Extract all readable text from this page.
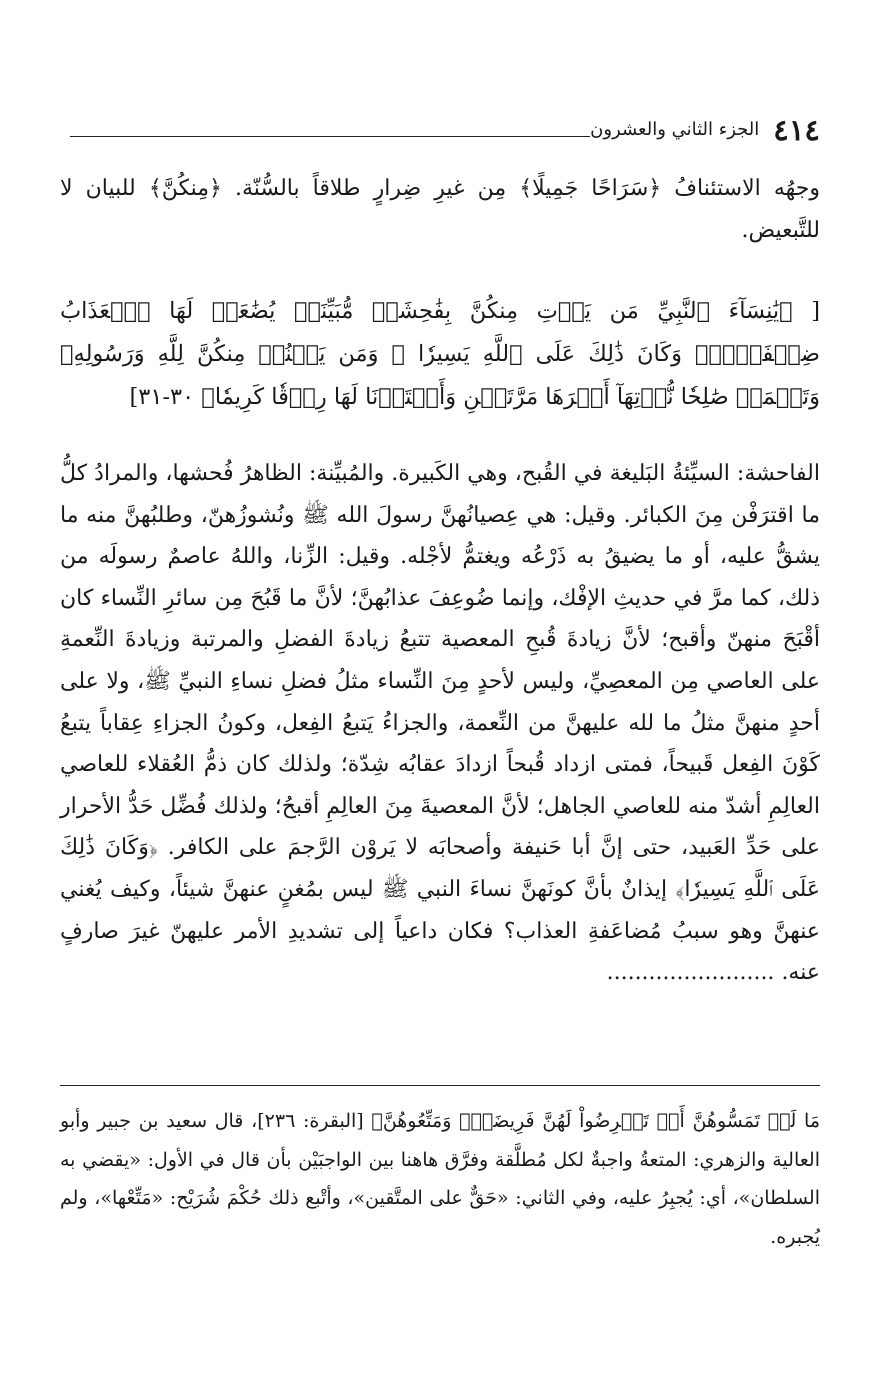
٤١٤
الجزء الثاني والعشرون
وجهُه الاستئنافُ ﴿سَرَاحًا جَمِيلًا﴾ مِن غيرِ ضِرارٍ طلاقاً بالسُّنّة. ﴿مِنكُنَّ﴾ للبيان لا للتَّبعيض.
[ ﴿يَٰنِسَآءَ ٱلنَّبِيِّ مَن يَأۡتِ مِنكُنَّ بِفَٰحِشَةٖ مُّبَيِّنَةٖ يُضَٰعَفۡ لَهَا ٱلۡعَذَابُ ضِعۡفَيۡنِۚ وَكَانَ ذَٰلِكَ عَلَى ٱللَّهِ يَسِيرٗا ۞ وَمَن يَقۡنُتۡ مِنكُنَّ لِلَّهِ وَرَسُولِهِۦ وَتَعۡمَلۡ صَٰلِحٗا نُّؤۡتِهَآ أَجۡرَهَا مَرَّتَيۡنِ وَأَعۡتَدۡنَا لَهَا رِزۡقٗا كَرِيمٗا﴾ ٣٠-٣١]
الفاحشة: السيِّئةُ البَليغة في القُبح، وهي الكَبيرة. والمُبيِّنة: الظاهرُ فُحشها، والمرادُ كلُّ ما اقترَفْن مِنَ الكبائر. وقيل: هي عِصيانُهنَّ رسولَ الله ﷺ ونُشوزُهنّ، وطلبُهنَّ منه ما يشقُّ عليه، أو ما يضيقُ به ذَرْعُه ويغتمُّ لأجْله. وقيل: الزِّنا، واللهُ عاصمٌ رسولَه من ذلك، كما مرَّ في حديثِ الإفْك، وإنما ضُوعِفَ عذابُهنَّ؛ لأنَّ ما قَبُحَ مِن سائرِ النِّساء كان أقْبَحَ منهنّ وأقبح؛ لأنَّ زيادةَ قُبحِ المعصية تتبعُ زيادةَ الفضلِ والمرتبة وزيادةَ النِّعمةِ على العاصي مِن المعصِيِّ، وليس لأحدٍ مِنَ النِّساء مثلُ فضلِ نساءِ النبيِّ ﷺ، ولا على أحدٍ منهنَّ مثلُ ما لله عليهنَّ من النِّعمة، والجزاءُ يَتبعُ الفِعل، وكونُ الجزاءِ عِقاباً يتبعُ كَوْنَ الفِعل قَبيحاً، فمتى ازداد قُبحاً ازدادَ عقابُه شِدّة؛ ولذلك كان ذمُّ العُقلاء للعاصي العالِمِ أشدّ منه للعاصي الجاهل؛ لأنَّ المعصيةَ مِنَ العالِمِ أقبحُ؛ ولذلك فُضِّل حَدُّ الأحرار على حَدِّ العَبيد، حتى إنَّ أبا حَنيفة وأصحابَه لا يَروْن الرَّجمَ على الكافر. ﴿وَكَانَ ذَٰلِكَ عَلَى ٱللَّهِ يَسِيرٗا﴾ إيذانٌ بأنَّ كونَهنَّ نساءَ النبي ﷺ ليس بمُغنٍ عنهنَّ شيئاً، وكيف يُغني عنهنَّ وهو سببُ مُضاعَفةِ العذاب؟ فكان داعياً إلى تشديدِ الأمر عليهنّ غيرَ صارفٍ عنه. ........................
مَا لَمۡ تَمَسُّوهُنَّ أَوۡ تَفۡرِضُواْ لَهُنَّ فَرِيضَةٗۚ وَمَتِّعُوهُنَّ﴾ [البقرة: ٢٣٦]، قال سعيد بن جبير وأبو العالية والزهري: المتعةُ واجبةٌ لكل مُطلَّقة وفرَّق هاهنا بين الواجبَيْن بأن قال في الأول: «يقضي به السلطان»، أي: يُجبِرُ عليه، وفي الثاني: «حَقٌّ على المتَّقين»، وأتْبع ذلك حُكْمَ شُرَيْح: «مَتِّعْها»، ولم يُجبره.
